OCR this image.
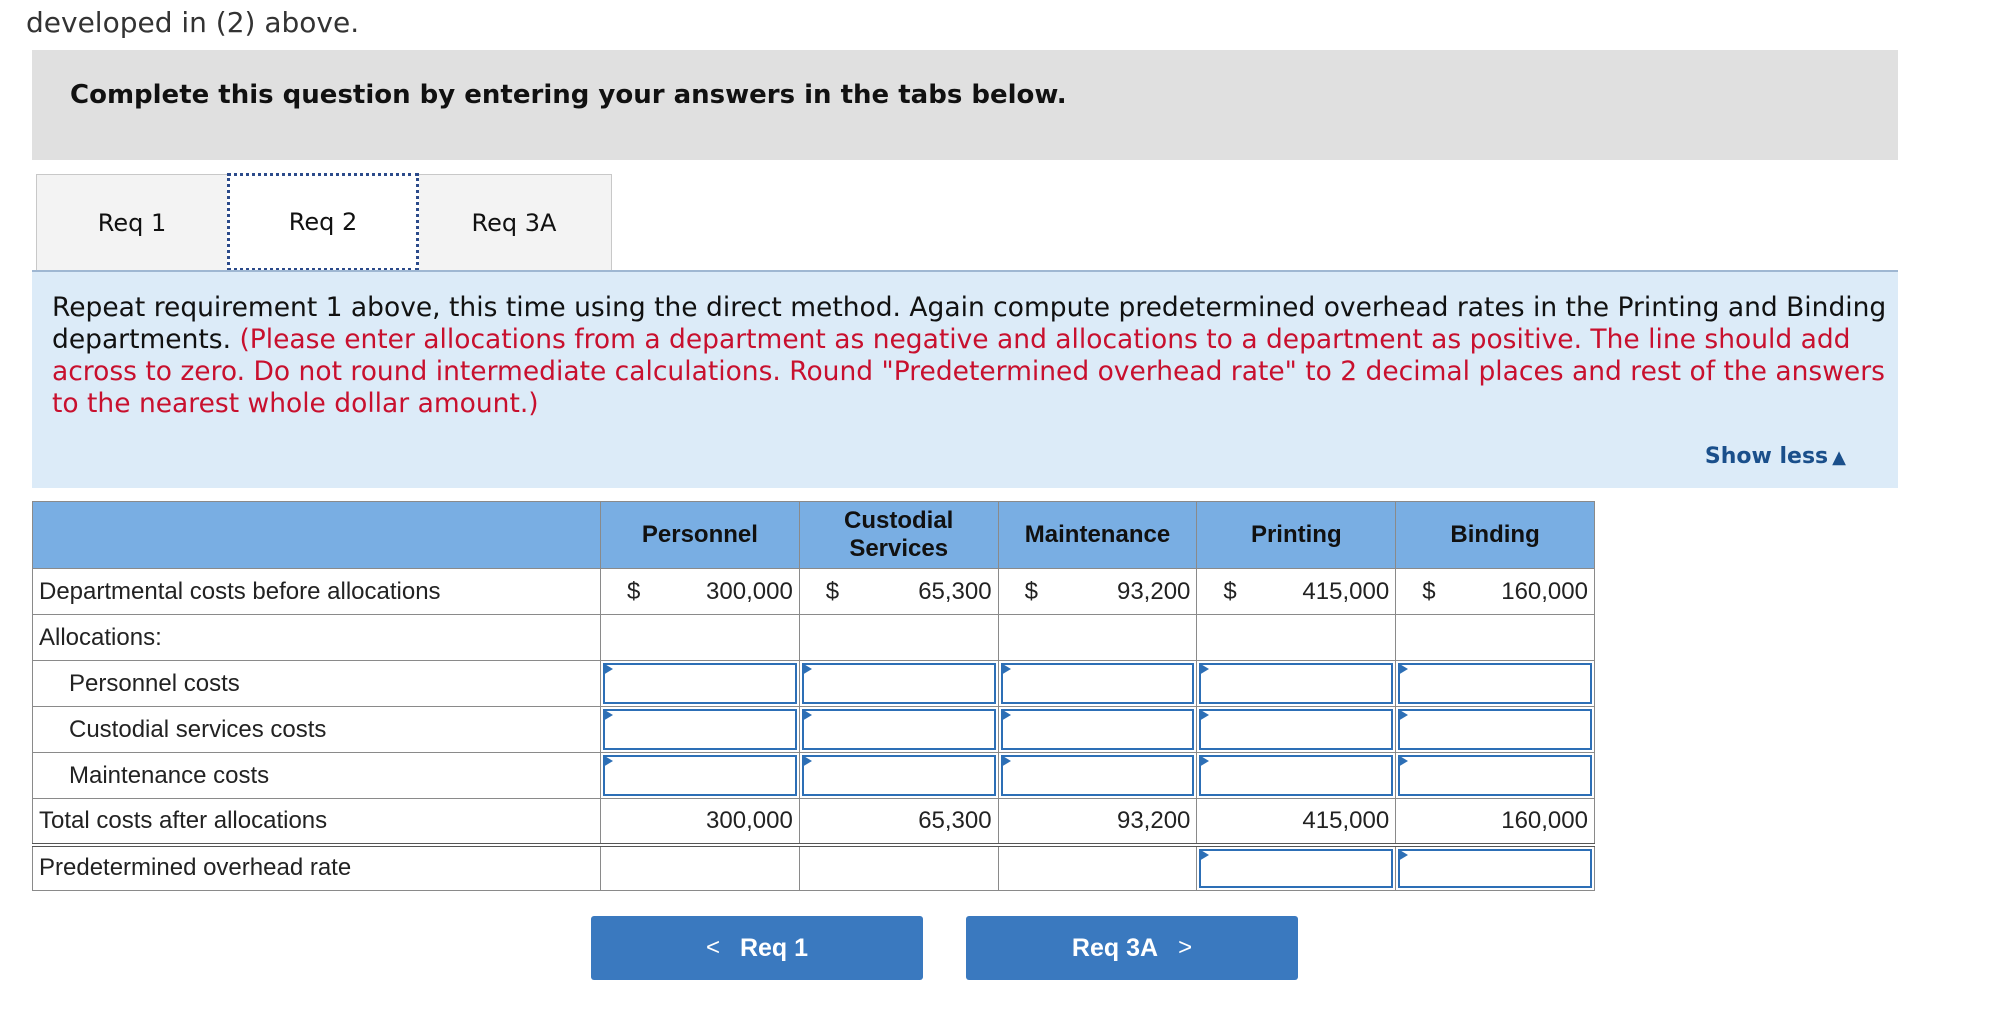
developed in (2) above.
Complete this question by entering your answers in the tabs below.
Req 1	Req 2	Req 3A
Repeat requirement 1 above, this time using the direct method. Again compute predetermined overhead rates in the Printing and Binding departments. (Please enter allocations from a department as negative and allocations to a department as positive. The line should add across to zero. Do not round intermediate calculations. Round "Predetermined overhead rate" to 2 decimal places and rest of the answers to the nearest whole dollar amount.)
Show less ▲
	Personnel	Custodial Services	Maintenance	Printing	Binding
Departmental costs before allocations	$ 300,000	$ 65,300	$ 93,200	$ 415,000	$ 160,000
Allocations:					
Personnel costs	

Custodial services costs	

Maintenance costs	

Total costs after allocations	300,000	65,300	93,200	415,000	160,000
Predetermined overhead rate				

< Req 1	Req 3A >
